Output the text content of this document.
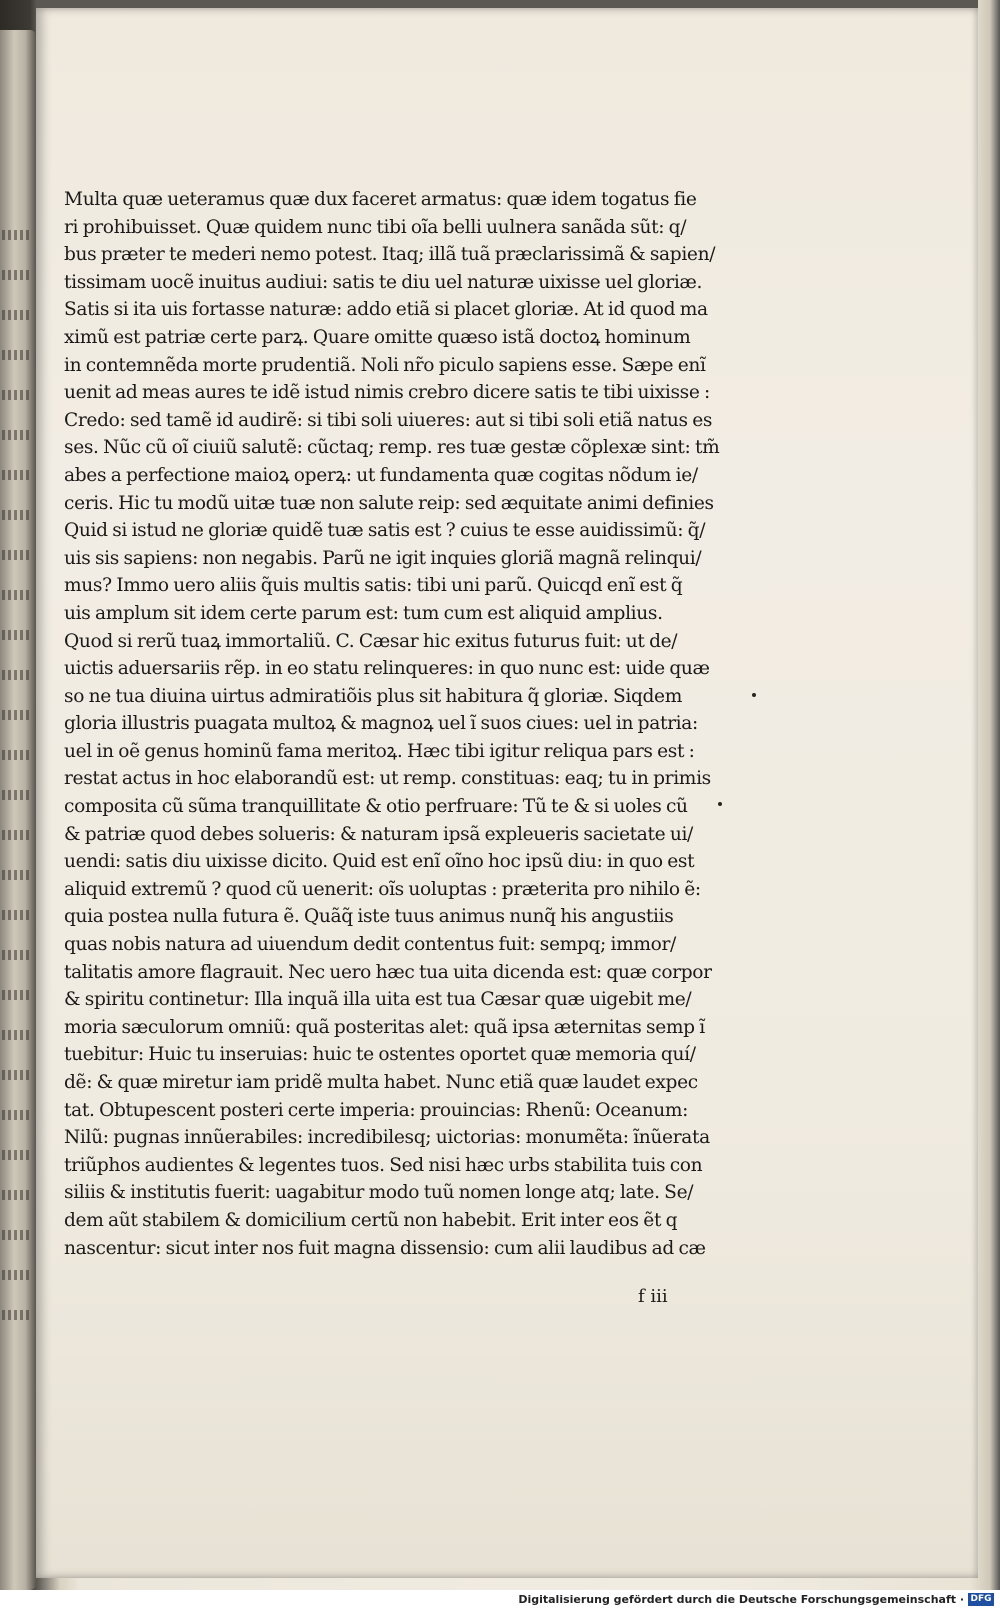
Multa quæ ueteramus quæ dux faceret armatus: quæ idem togatus fie
ri prohibuisset. Quæ quidem nunc tibi oĩa belli uulnera sanãda sũt: q/
bus præter te mederi nemo potest. Itaq; illã tuã præclarissimã & sapien/
tissimam uocẽ inuitus audiui: satis te diu uel naturæ uixisse uel gloriæ.
Satis si ita uis fortasse naturæ: addo etiã si placet gloriæ. At id quod ma
ximũ est patriæ certe parꝝ. Quare omitte quæso istã doctoꝝ hominum
in contemnẽda morte prudentiã. Noli nr̃o piculo sapiens esse. Sæpe enĩ
uenit ad meas aures te idẽ istud nimis crebro dicere satis te tibi uixisse :
Credo: sed tamẽ id audirẽ: si tibi soli uiueres: aut si tibi soli etiã natus es
ses. Nũc cũ oĩ ciuiũ salutẽ: cũctaq; remp. res tuæ gestæ cõplexæ sint: tm̃
abes a perfectione maioꝝ operꝝ: ut fundamenta quæ cogitas nõdum ie/
ceris. Hic tu modũ uitæ tuæ non salute reip: sed æquitate animi definies
Quid si istud ne gloriæ quidẽ tuæ satis est ? cuius te esse auidissimũ: q̃/
uis sis sapiens: non negabis. Parũ ne igit inquies gloriã magnã relinqui/
mus? Immo uero aliis q̃uis multis satis: tibi uni parũ. Quicqd enĩ est q̃
uis amplum sit idem certe parum est: tum cum est aliquid amplius.
Quod si rerũ tuaꝝ immortaliũ. C. Cæsar hic exitus futurus fuit: ut de/
uictis aduersariis rẽp. in eo statu relinqueres: in quo nunc est: uide quæ
so ne tua diuina uirtus admiratiõis plus sit habitura q̃ gloriæ. Siqdem
gloria illustris puagata multoꝝ & magnoꝝ uel ĩ suos ciues: uel in patria:
uel in oẽ genus hominũ fama meritoꝝ. Hæc tibi igitur reliqua pars est :
restat actus in hoc elaborandũ est: ut remp. constituas: eaq; tu in primis
composita cũ sũma tranquillitate & otio perfruare: Tũ te & si uoles cũ
& patriæ quod debes solueris: & naturam ipsã expleueris sacietate ui/
uendi: satis diu uixisse dicito. Quid est enĩ oĩno hoc ipsũ diu: in quo est
aliquid extremũ ? quod cũ uenerit: oĩs uoluptas : præterita pro nihilo ẽ:
quia postea nulla futura ẽ. Quãq̃ iste tuus animus nunq̃ his angustiis
quas nobis natura ad uiuendum dedit contentus fuit: sempq; immor/
talitatis amore flagrauit. Nec uero hæc tua uita dicenda est: quæ corpor
& spiritu continetur: Illa inquã illa uita est tua Cæsar quæ uigebit me/
moria sæculorum omniũ: quã posteritas alet: quã ipsa æternitas semp ĩ
tuebitur: Huic tu inseruias: huic te ostentes oportet quæ memoria quí/
dẽ: & quæ miretur iam pridẽ multa habet. Nunc etiã quæ laudet expec
tat. Obtupescent posteri certe imperia: prouincias: Rhenũ: Oceanum:
Nilũ: pugnas innũerabiles: incredibilesq; uictorias: monumẽta: ĩnũerata
triũphos audientes & legentes tuos. Sed nisi hæc urbs stabilita tuis con
siliis & institutis fuerit: uagabitur modo tuũ nomen longe atq; late. Se/
dem aũt stabilem & domicilium certũ non habebit. Erit inter eos ẽt q
nascentur: sicut inter nos fuit magna dissensio: cum alii laudibus ad cæ
f iii
Digitalisierung gefördert durch die Deutsche Forschungsgemeinschaft · DFG
